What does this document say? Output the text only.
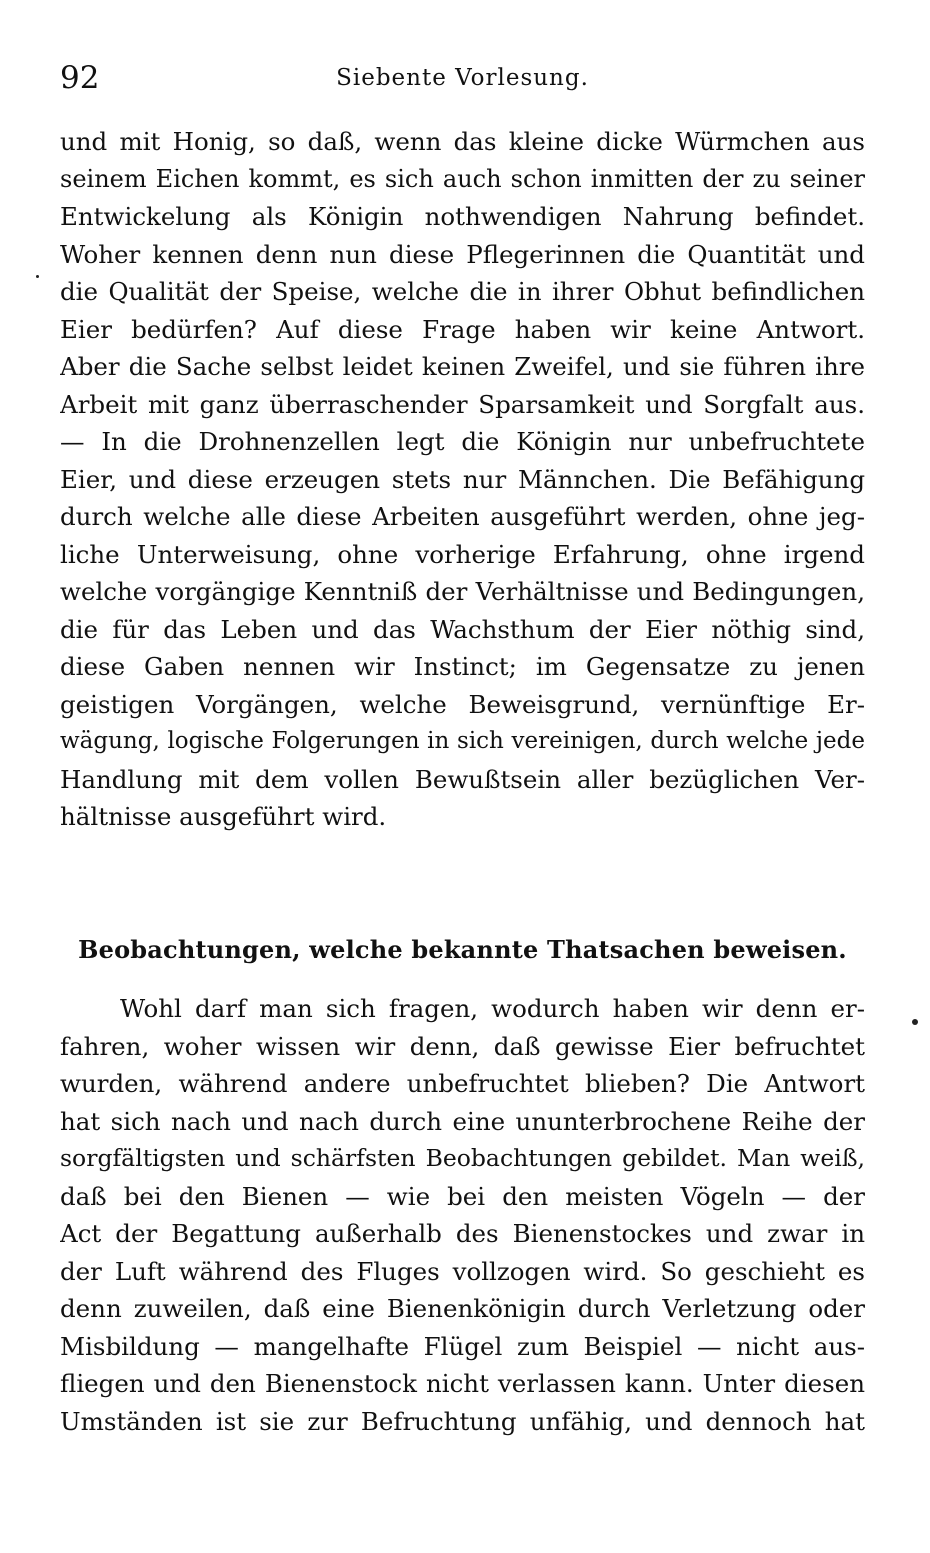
92	Siebente Vorlesung.
und mit Honig, so daß, wenn das kleine dicke Würmchen aus
seinem Eichen kommt, es sich auch schon inmitten der zu seiner
Entwickelung als Königin nothwendigen Nahrung befindet.
Woher kennen denn nun diese Pflegerinnen die Quantität und
die Qualität der Speise, welche die in ihrer Obhut befindlichen
Eier bedürfen? Auf diese Frage haben wir keine Antwort.
Aber die Sache selbst leidet keinen Zweifel, und sie führen ihre
Arbeit mit ganz überraschender Sparsamkeit und Sorgfalt aus.
— In die Drohnenzellen legt die Königin nur unbefruchtete
Eier, und diese erzeugen stets nur Männchen. Die Befähigung
durch welche alle diese Arbeiten ausgeführt werden, ohne jeg-
liche Unterweisung, ohne vorherige Erfahrung, ohne irgend
welche vorgängige Kenntniß der Verhältnisse und Bedingungen,
die für das Leben und das Wachsthum der Eier nöthig sind,
diese Gaben nennen wir Instinct; im Gegensatze zu jenen
geistigen Vorgängen, welche Beweisgrund, vernünftige Er-
wägung, logische Folgerungen in sich vereinigen, durch welche jede
Handlung mit dem vollen Bewußtsein aller bezüglichen Ver-
hältnisse ausgeführt wird.
Beobachtungen, welche bekannte Thatsachen beweisen.
Wohl darf man sich fragen, wodurch haben wir denn er-
fahren, woher wissen wir denn, daß gewisse Eier befruchtet
wurden, während andere unbefruchtet blieben? Die Antwort
hat sich nach und nach durch eine ununterbrochene Reihe der
sorgfältigsten und schärfsten Beobachtungen gebildet. Man weiß,
daß bei den Bienen — wie bei den meisten Vögeln — der
Act der Begattung außerhalb des Bienenstockes und zwar in
der Luft während des Fluges vollzogen wird. So geschieht es
denn zuweilen, daß eine Bienenkönigin durch Verletzung oder
Misbildung — mangelhafte Flügel zum Beispiel — nicht aus-
fliegen und den Bienenstock nicht verlassen kann. Unter diesen
Umständen ist sie zur Befruchtung unfähig, und dennoch hat
